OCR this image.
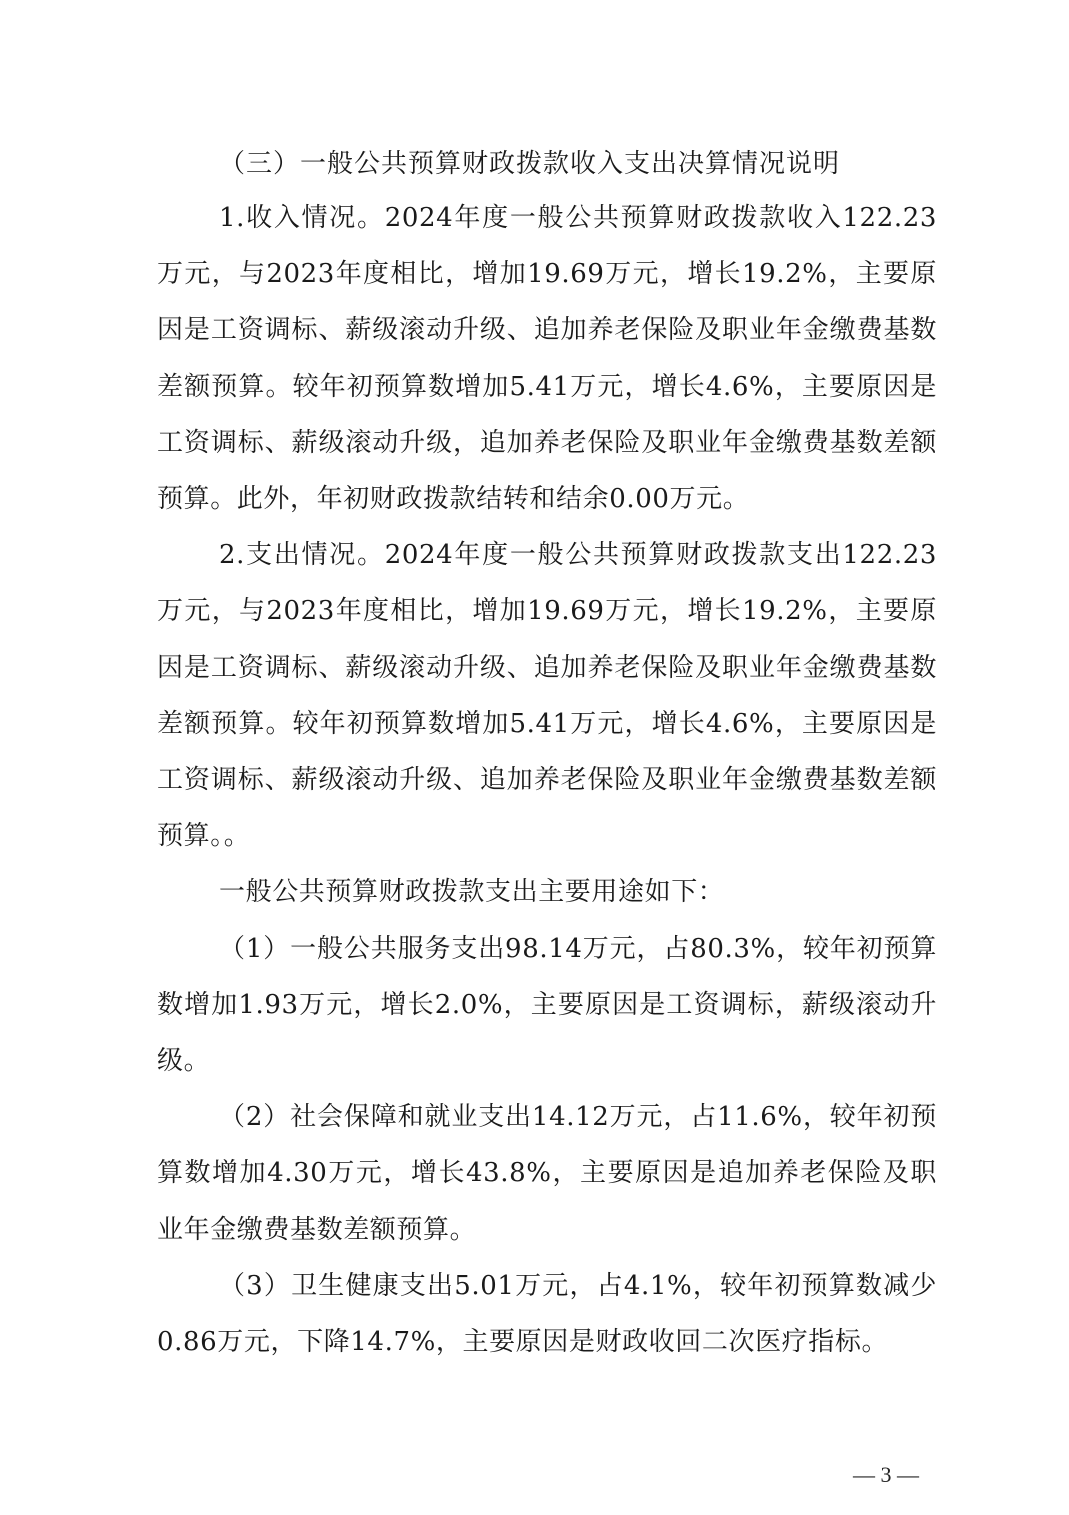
（三）一般公共预算财政拨款收入支出决算情况说明

1.收入情况。2024年度一般公共预算财政拨款收入122.23万元，与2023年度相比，增加19.69万元，增长19.2%，主要原因是工资调标、薪级滚动升级、追加养老保险及职业年金缴费基数差额预算。较年初预算数增加5.41万元，增长4.6%，主要原因是工资调标、薪级滚动升级，追加养老保险及职业年金缴费基数差额预算。此外，年初财政拨款结转和结余0.00万元。

2.支出情况。2024年度一般公共预算财政拨款支出122.23万元，与2023年度相比，增加19.69万元，增长19.2%，主要原因是工资调标、薪级滚动升级、追加养老保险及职业年金缴费基数差额预算。较年初预算数增加5.41万元，增长4.6%，主要原因是工资调标、薪级滚动升级、追加养老保险及职业年金缴费基数差额预算。。

一般公共预算财政拨款支出主要用途如下：

（1）一般公共服务支出98.14万元，占80.3%，较年初预算数增加1.93万元，增长2.0%，主要原因是工资调标，薪级滚动升级。

（2）社会保障和就业支出14.12万元，占11.6%，较年初预算数增加4.30万元，增长43.8%，主要原因是追加养老保险及职业年金缴费基数差额预算。

（3）卫生健康支出5.01万元，占4.1%，较年初预算数减少0.86万元，下降14.7%，主要原因是财政收回二次医疗指标。

— 3 —
